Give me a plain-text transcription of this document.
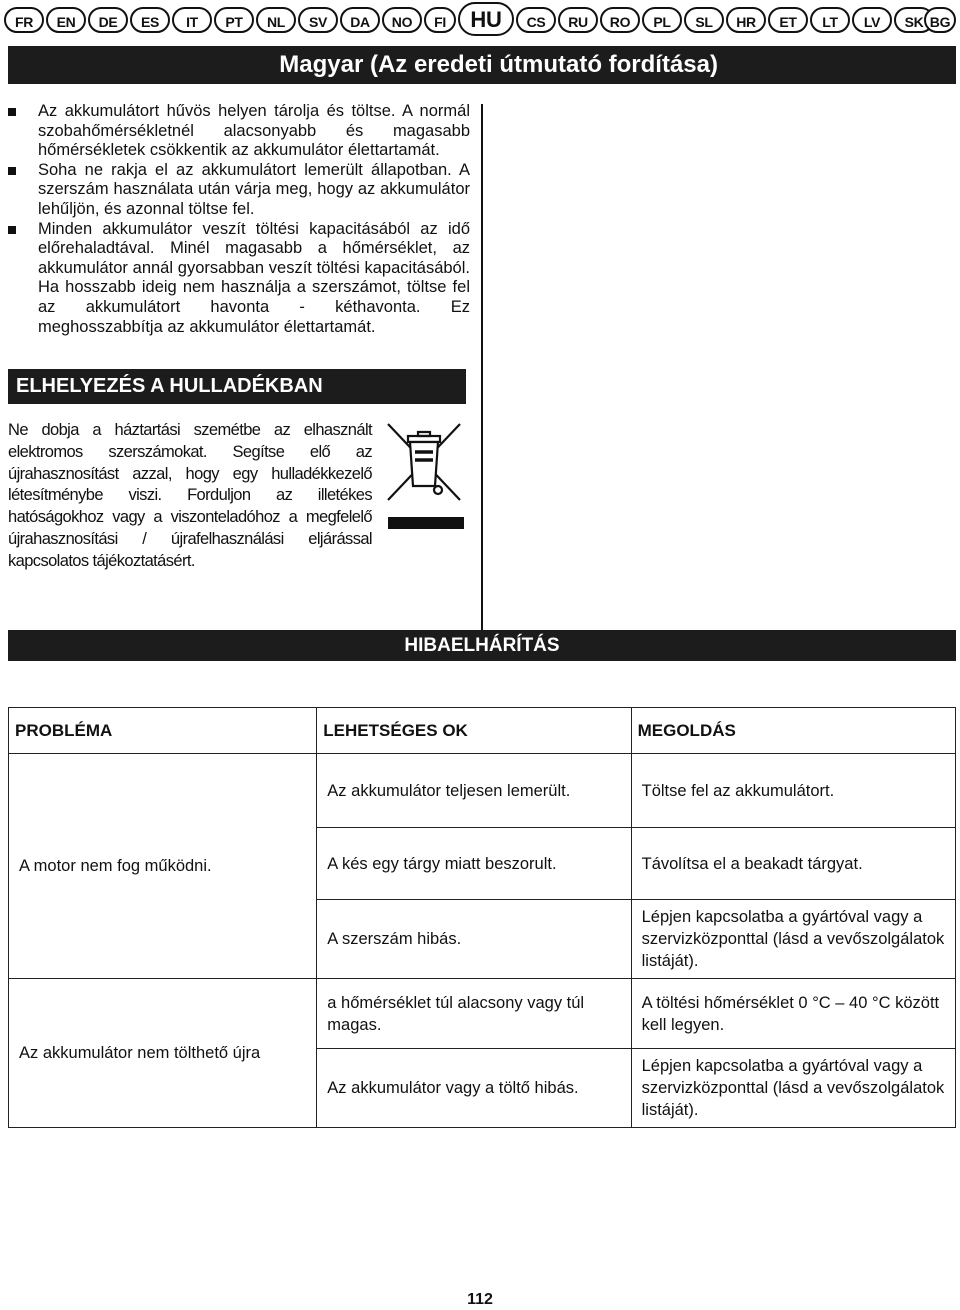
FR	EN	DE	ES	IT	PT	NL	SV	DA	NO	FI	HU	CS	RU	RO	PL	SL	HR	ET	LT	LV	SK BG
Magyar (Az eredeti útmutató fordítása)
Az akkumulátort hűvös helyen tárolja és töltse. A normál szobahőmérsékletnél alacsonyabb és magasabb hőmérsékletek csökkentik az akkumulátor élettartamát.
Soha ne rakja el az akkumulátort lemerült állapotban. A szerszám használata után várja meg, hogy az akkumulátor lehűljön, és azonnal töltse fel.
Minden akkumulátor veszít töltési kapacitásából az idő előrehaladtával. Minél magasabb a hőmérséklet, az akkumulátor annál gyorsabban veszít töltési kapacitásából. Ha hosszabb ideig nem használja a szerszámot, töltse fel az akkumulátort havonta - kéthavonta. Ez meghosszabbítja az akkumulátor élettartamát.
ELHELYEZÉS A HULLADÉKBAN
Ne dobja a háztartási szemétbe az elhasznált elektromos szerszámokat. Segítse elő az újrahasznosítást azzal, hogy egy hulladékkezelő létesítménybe viszi. Forduljon az illetékes hatóságokhoz vagy a viszonteladóhoz a megfelelő újrahasznosítási / újrafelhasználási eljárással kapcsolatos tájékoztatásért.
HIBAELHÁRÍTÁS
PROBLÉMA	LEHETSÉGES OK	MEGOLDÁS
A motor nem fog működni.	Az akkumulátor teljesen lemerült.	Töltse fel az akkumulátort.
	A kés egy tárgy miatt beszorult.	Távolítsa el a beakadt tárgyat.
	A szerszám hibás.	Lépjen kapcsolatba a gyártóval vagy a szervizközponttal (lásd a vevőszolgálatok listáját).
Az akkumulátor nem tölthető újra	a hőmérséklet túl alacsony vagy túl magas.	A töltési hőmérséklet 0 °C – 40 °C között kell legyen.
	Az akkumulátor vagy a töltő hibás.	Lépjen kapcsolatba a gyártóval vagy a szervizközponttal (lásd a vevőszolgálatok listáját).
112
